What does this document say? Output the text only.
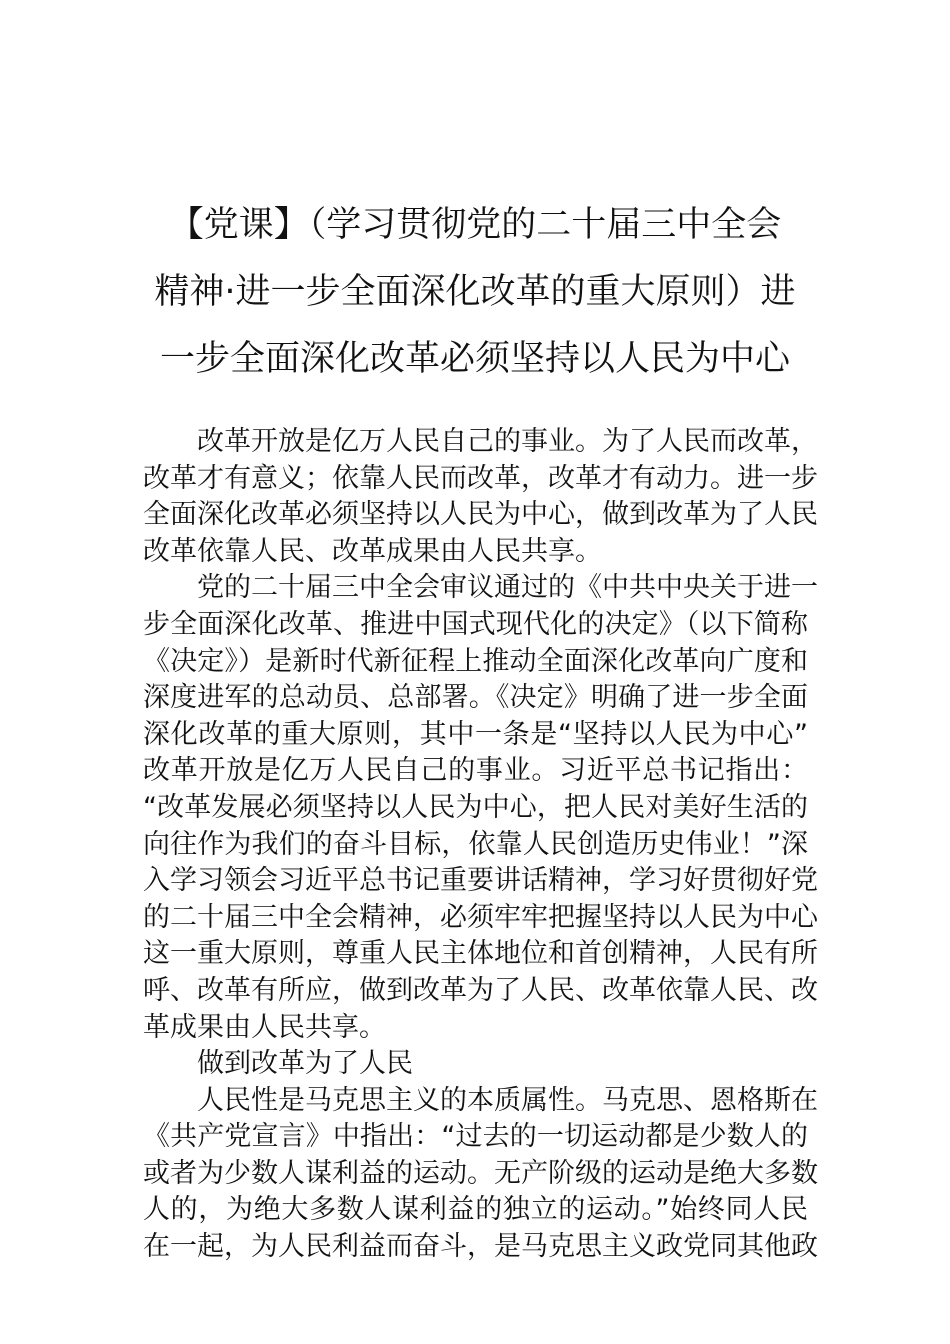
【党课】（学习贯彻党的二十届三中全会
精神·进一步全面深化改革的重大原则）进
一步全面深化改革必须坚持以人民为中心
改革开放是亿万人民自己的事业。为了人民而改革，
改革才有意义；依靠人民而改革，改革才有动力。进一步
全面深化改革必须坚持以人民为中心，做到改革为了人民
改革依靠人民、改革成果由人民共享。
党的二十届三中全会审议通过的《中共中央关于进一
步全面深化改革、推进中国式现代化的决定》（以下简称
《决定》）是新时代新征程上推动全面深化改革向广度和
深度进军的总动员、总部署。《决定》明确了进一步全面
深化改革的重大原则，其中一条是“坚持以人民为中心”
改革开放是亿万人民自己的事业。习近平总书记指出：
“改革发展必须坚持以人民为中心，把人民对美好生活的
向往作为我们的奋斗目标，依靠人民创造历史伟业！”深
入学习领会习近平总书记重要讲话精神，学习好贯彻好党
的二十届三中全会精神，必须牢牢把握坚持以人民为中心
这一重大原则，尊重人民主体地位和首创精神，人民有所
呼、改革有所应，做到改革为了人民、改革依靠人民、改
革成果由人民共享。
做到改革为了人民
人民性是马克思主义的本质属性。马克思、恩格斯在
《共产党宣言》中指出：“过去的一切运动都是少数人的
或者为少数人谋利益的运动。无产阶级的运动是绝大多数
人的，为绝大多数人谋利益的独立的运动。”始终同人民
在一起，为人民利益而奋斗，是马克思主义政党同其他政
